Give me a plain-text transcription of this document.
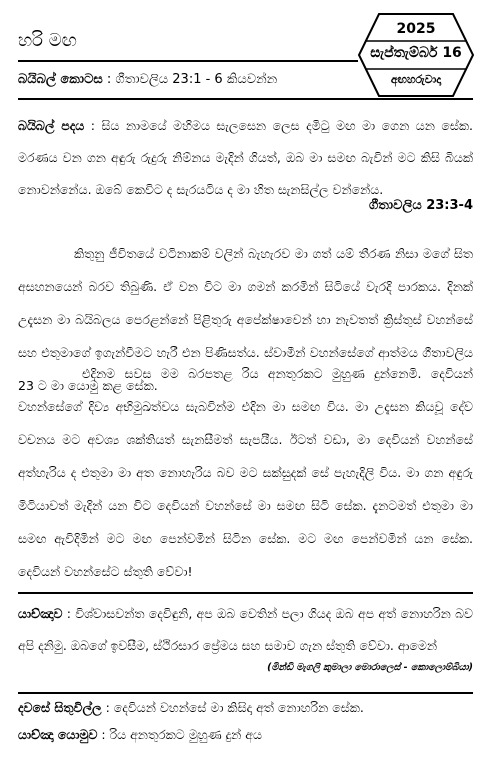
හරි මඟ
2025
සැප්තැම්බර් 16
අඟහරුවාදා
බයිබල් කොටස : ගීතාවලිය 23:1 - 6 කියවන්න
බයිබල් පදය : සිය නාමයේ මහිමය සැලසෙන ලෙස දමිටු මඟ මා ගෙන යන සේක. මරණය වන ගන අඳුරු රුදුරු නිම්නය මැදින් ගියත්, ඔබ මා සමඟ බැවින් මට කිසි බියක් නොවන්නේය. ඔබේ කෙවිට ද සැරයටිය ද මා හිත සැනසිල්ල වන්නේය.
ගීතාවලිය 23:3-4
කිතුනු ජීවිතයේ වටිනාකම් වලින් බැහැරව මා ගත් යම් තීරණ නිසා මගේ සිත අසහනයෙන් බරව තිබුණි. ඒ වන විට මා ගමන් කරමින් සිටියේ වැරදි පාරකය. දිනක් උදැසන මා බයිබලය පෙරළන්නේ පිළිතුරු අපේක්ෂාවෙන් හා නැවතත් ක්‍රිස්තුස් වහන්සේ සහ එතුමාගේ ඉගැන්වීමට හැරී එන පිණිසත්ය. ස්වාමීන් වහන්සේගේ ආත්මය ගීතාවලිය 23 ට මා යොමු කළ සේක.
එදිනම සවස මම බරපතළ රිය අනතුරකට මුහුණ දුන්නෙමි. දෙවියන් වහන්සේගේ දිව්‍ය අභිමුඛත්වය සැබවින්ම එදින මා සමඟ විය. මා උදැසන කියවූ දේව වචනය මට අවශ්‍ය ශක්තියත් සැනසීමත් සැපයීය. ඊටත් වඩා, මා දෙවියන් වහන්සේ අත්හැරිය ද එතුමා මා අත නොහැරිය බව මට සක්සුදක් සේ පැහැදිලි විය. මා ගන අඳුරු මිටියාවත් මැදින් යන විට දෙවියන් වහන්සේ මා සමඟ සිටි සේක. දැනටමත් එතුමා මා සමඟ ඇවිදිමින් මට මඟ පෙන්වමින් සිටින සේක. මට මඟ පෙන්වමින් යන සේක. දෙවියන් වහන්සේට ස්තුති වේවා!
යාච්ඤාව : විශ්වාසවන්ත දෙවිඳුනි, අප ඔබ වෙතින් පලා ගියද ඔබ අප අත් නොහරින බව අපි දනිමු. ඔබගේ ඉවසීම, ස්ථිරසාර ප්‍රේමය සහ සමාව ගැන ස්තුති වේවා. ආමෙන්
(මින්ඩි මැගලි කුමාලා මොරාලෙස් - කොලොම්බියා)
දවසේ සිතුවිල්ල : දෙවියන් වහන්සේ මා කිසිදා අත් නොහරින සේක.
යාච්ඤා යොමුව : රිය අනතුරකට මුහුණ දුන් අය
